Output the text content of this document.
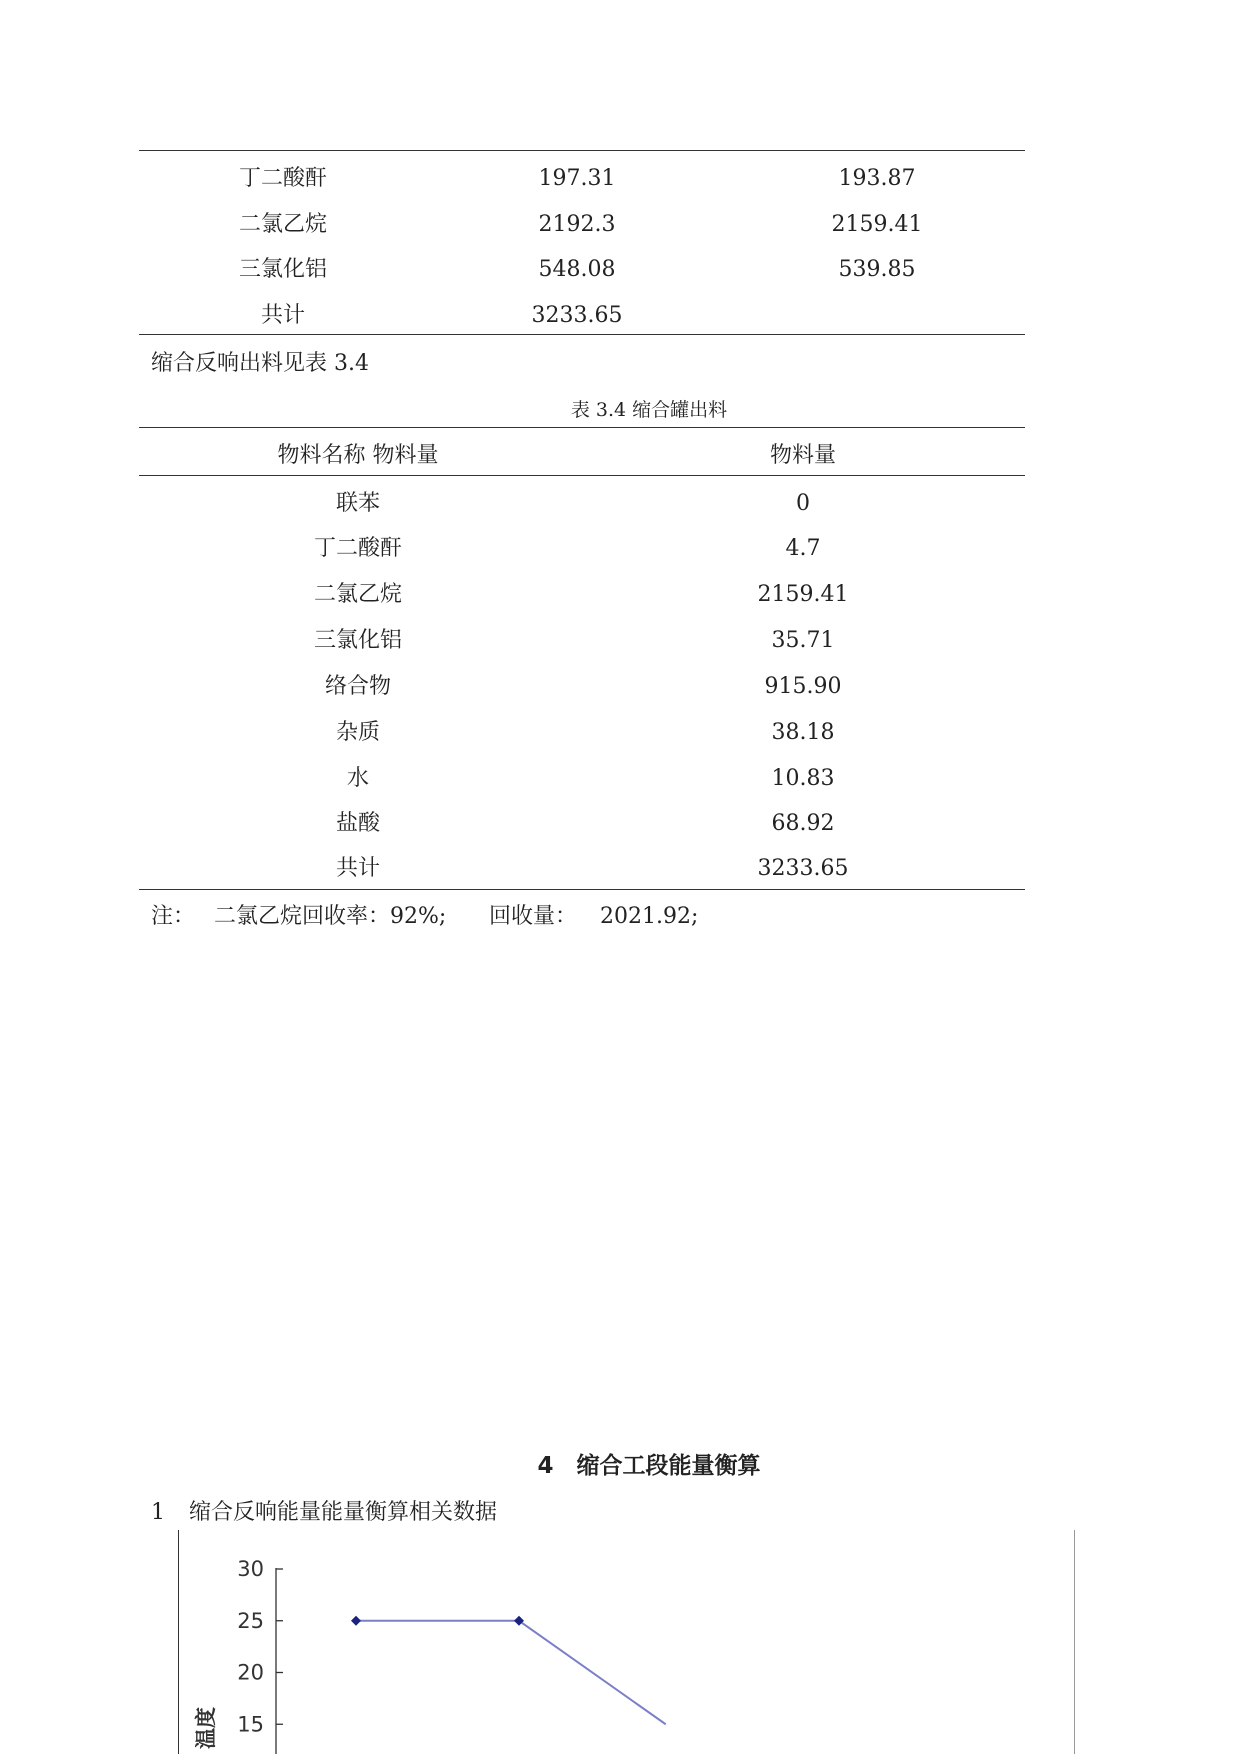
丁二酸酐	197.31	193.87
二氯乙烷	2192.3	2159.41
三氯化铝	548.08	539.85
共计	3233.65
缩合反响出料见表 3.4
表 3.4 缩合罐出料
物料名称 物料量	物料量
联苯	0
丁二酸酐	4.7
二氯乙烷	2159.41
三氯化铝	35.71
络合物	915.90
杂质	38.18
水	10.83
盐酸	68.92
共计	3233.65
注： 二氯乙烷回收率：92%; 回收量： 2021.92;
4　缩合工段能量衡算
1 缩合反响能量能量衡算相关数据
30
25
20
15
温度
